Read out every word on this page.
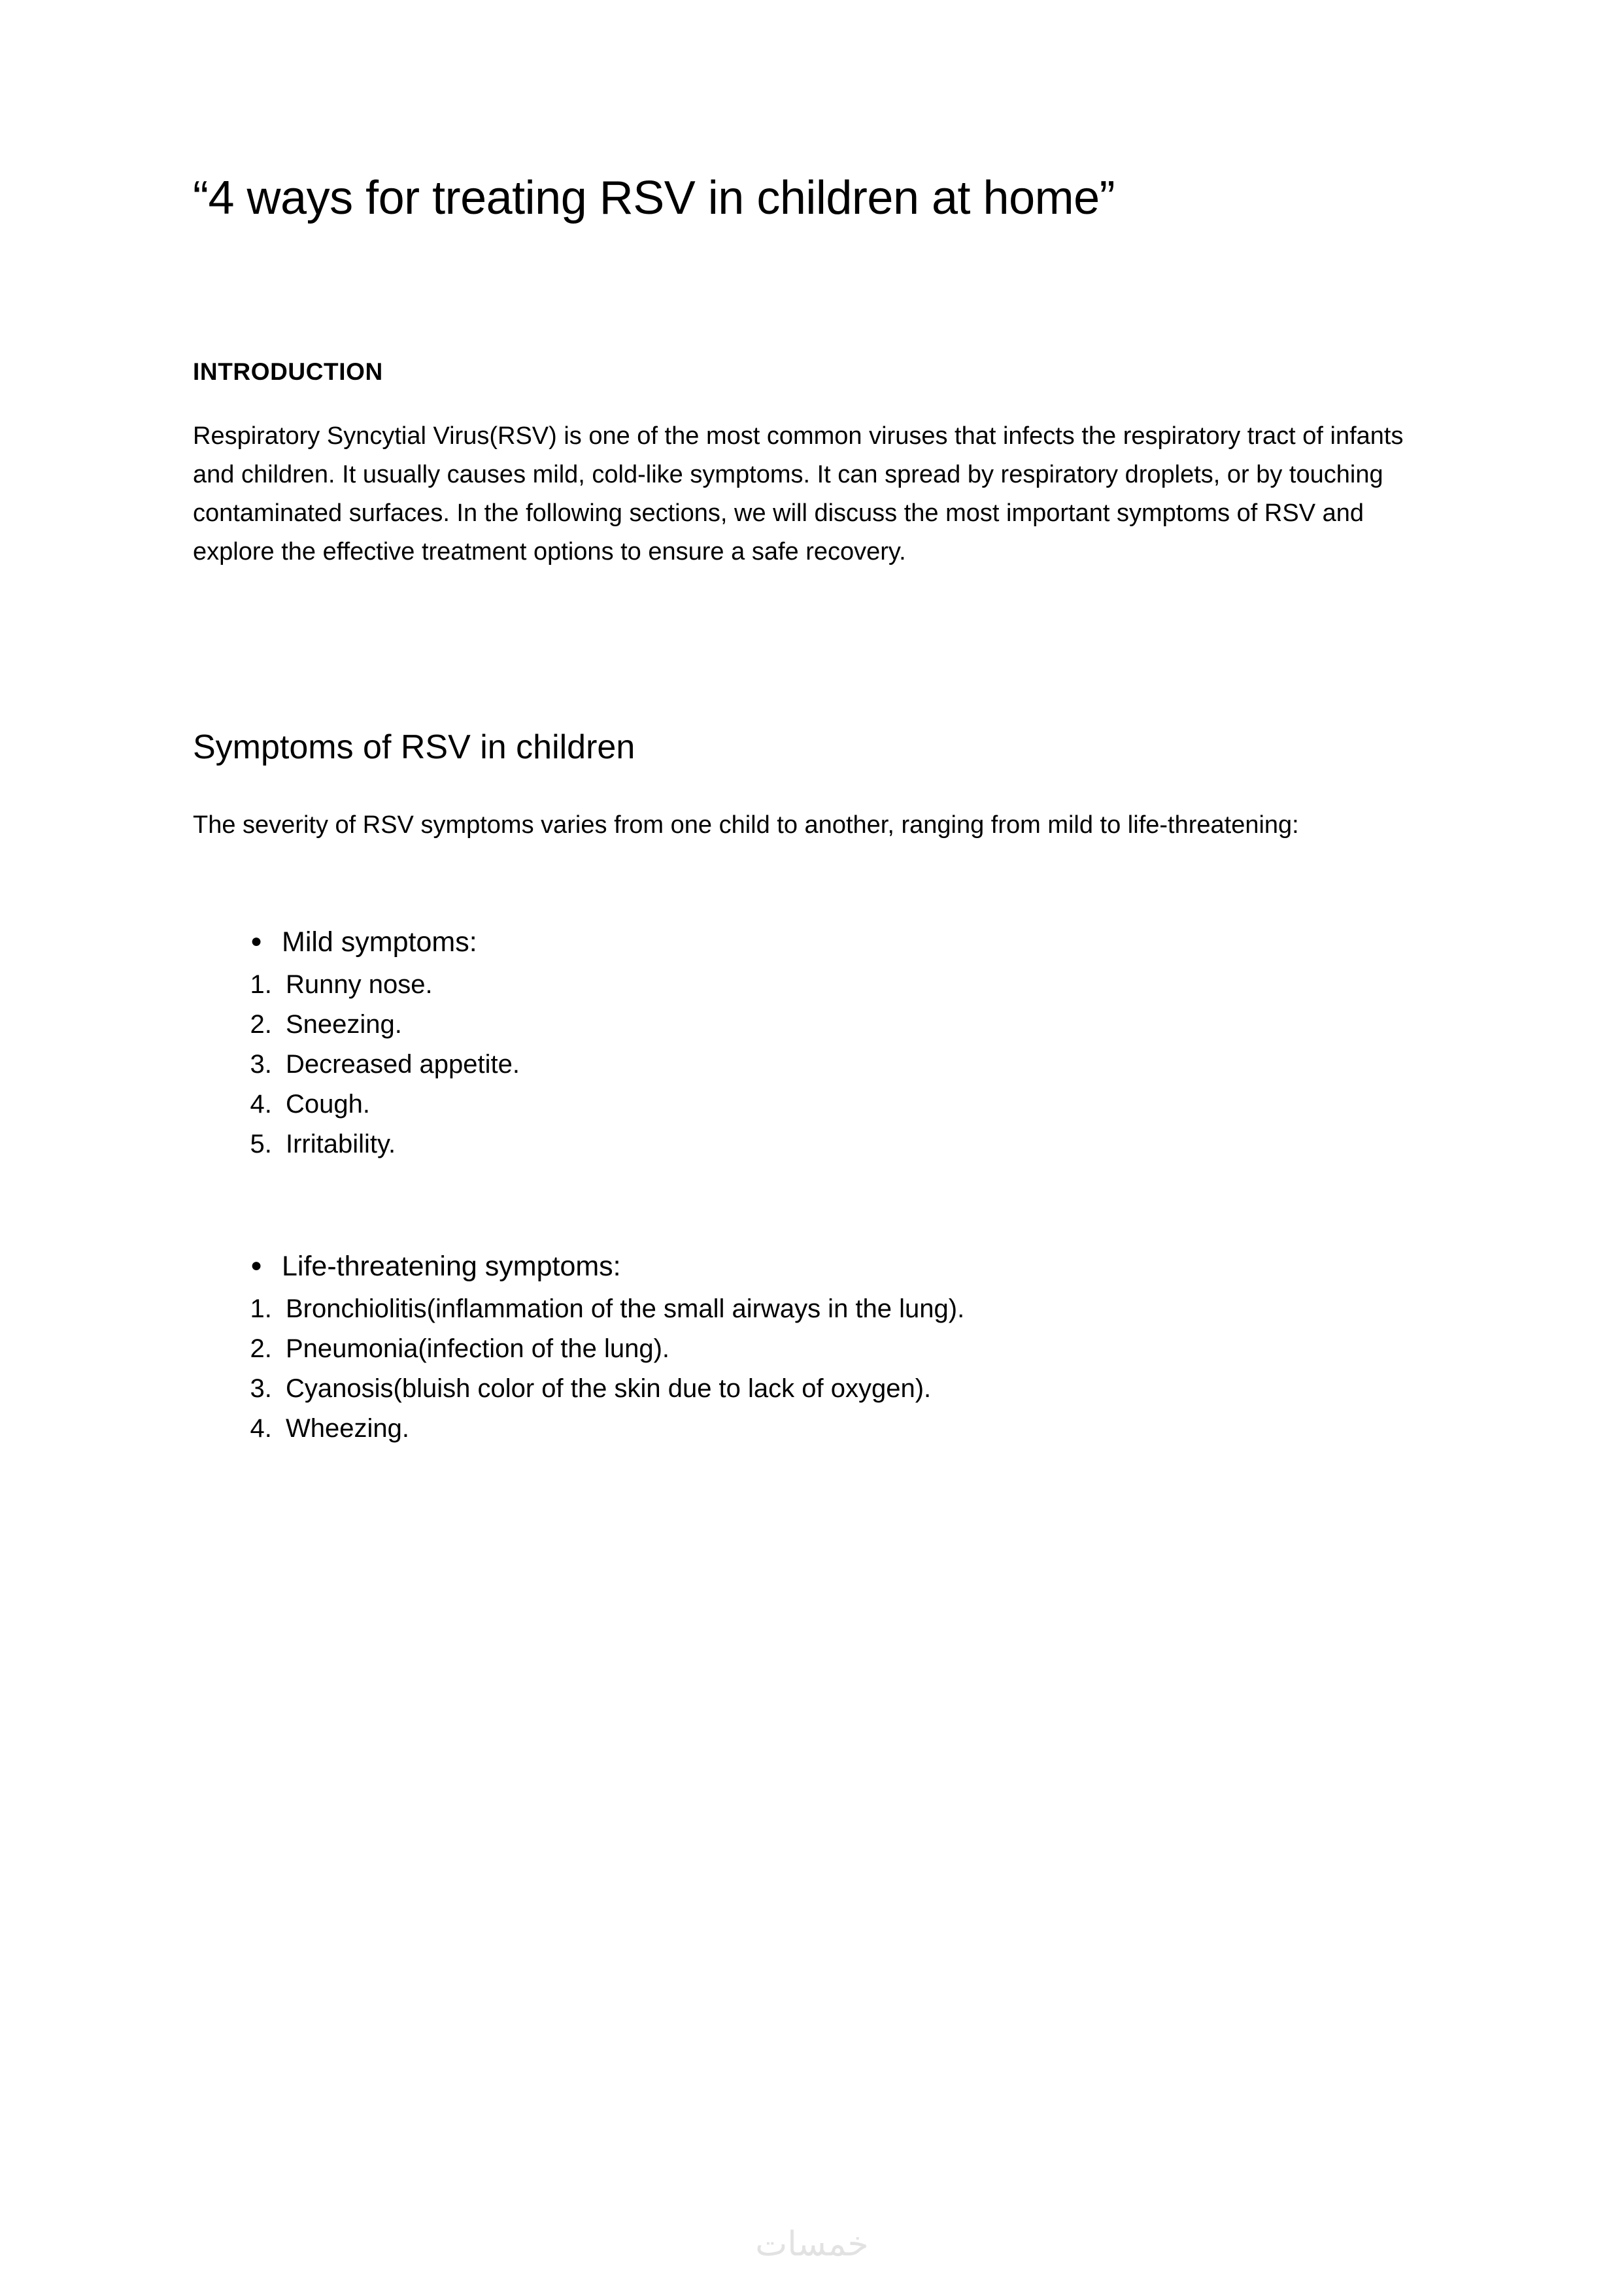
“4 ways for treating RSV in children at home”
INTRODUCTION

Respiratory Syncytial Virus(RSV) is one of the most common viruses that infects the respiratory tract of infants and children. It usually causes mild, cold-like symptoms. It can spread by respiratory droplets, or by touching contaminated surfaces. In the following sections, we will discuss the most important symptoms of RSV and explore the effective treatment options to ensure a safe recovery.

Symptoms of RSV in children

The severity of RSV symptoms varies from one child to another, ranging from mild to life-threatening:

● Mild symptoms:
1. Runny nose.
2. Sneezing.
3. Decreased appetite.
4. Cough.
5. Irritability.
● Life-threatening symptoms:
1. Bronchiolitis(inflammation of the small airways in the lung).
2. Pneumonia(infection of the lung).
3. Cyanosis(bluish color of the skin due to lack of oxygen).
4. Wheezing.
خمسات
